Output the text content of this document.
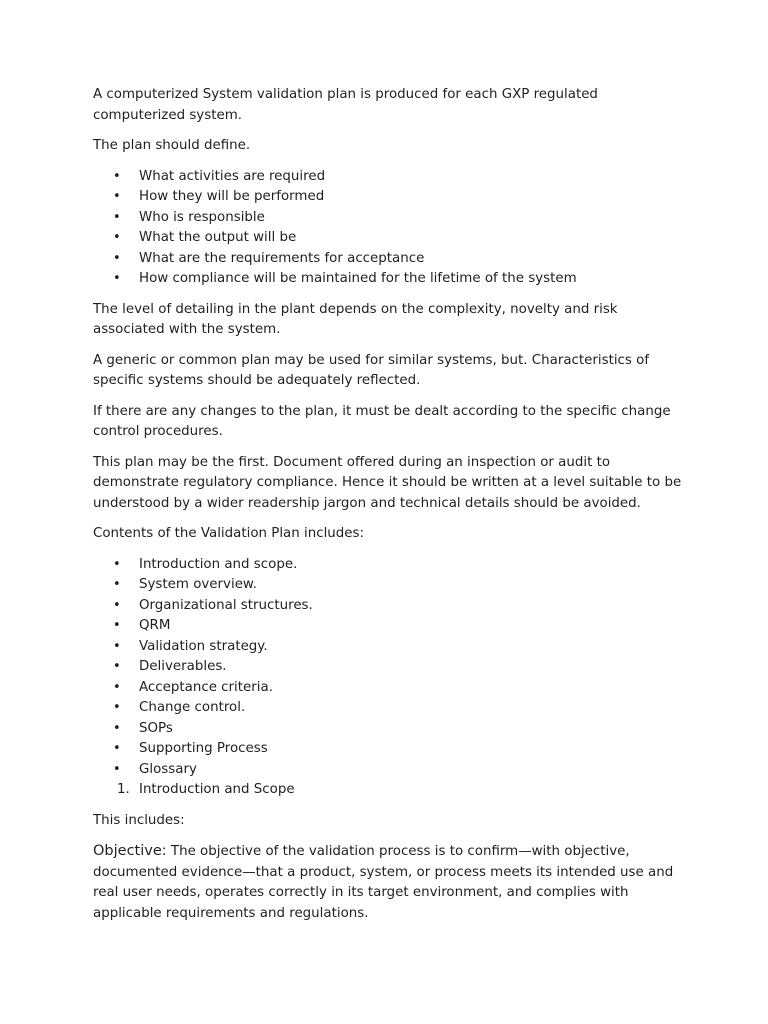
A computerized System validation plan is produced for each GXP regulated computerized system.

The plan should define.

• What activities are required
• How they will be performed
• Who is responsible
• What the output will be
• What are the requirements for acceptance
• How compliance will be maintained for the lifetime of the system

The level of detailing in the plant depends on the complexity, novelty and risk associated with the system.

A generic or common plan may be used for similar systems, but. Characteristics of specific systems should be adequately reflected.

If there are any changes to the plan, it must be dealt according to the specific change control procedures.

This plan may be the first. Document offered during an inspection or audit to demonstrate regulatory compliance. Hence it should be written at a level suitable to be understood by a wider readership jargon and technical details should be avoided.

Contents of the Validation Plan includes:

• Introduction and scope.
• System overview.
• Organizational structures.
• QRM
• Validation strategy.
• Deliverables.
• Acceptance criteria.
• Change control.
• SOPs
• Supporting Process
• Glossary
1. Introduction and Scope

This includes:

Objective: The objective of the validation process is to confirm—with objective, documented evidence—that a product, system, or process meets its intended use and real user needs, operates correctly in its target environment, and complies with applicable requirements and regulations.
